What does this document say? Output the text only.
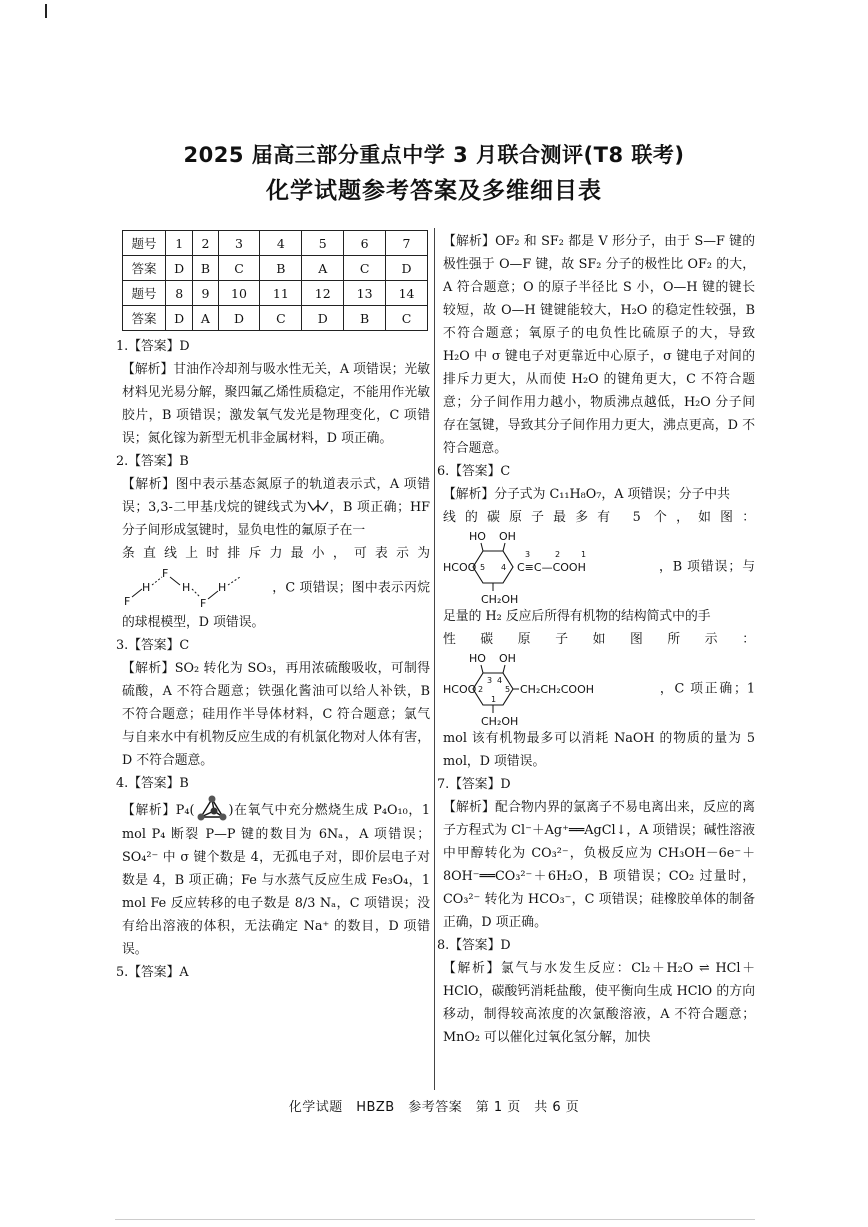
2025 届高三部分重点中学 3 月联合测评(T8 联考)
化学试题参考答案及多维细目表
题号	1	2	3	4	5	6	7
答案	D	B	C	B	A	C	D
题号	8	9	10	11	12	13	14
答案	D	A	D	C	D	B	C
1.【答案】D
【解析】甘油作冷却剂与吸水性无关，A 项错误；光敏材料见光易分解，聚四氟乙烯性质稳定，不能用作光敏胶片，B 项错误；激发氧气发光是物理变化，C 项错误；氮化镓为新型无机非金属材料，D 项正确。
2.【答案】B
【解析】图中表示基态氮原子的轨道表示式，A 项错误；3,3-二甲基戊烷的键线式为 ，B 项正确；HF 分子间形成氢键时，显负电性的氟原子在一
条直线上时排斥力最小，可表示为
F
H
F
H
F
H	，C 项错误；图中表示丙烷的球棍模型，D 项错误。
3.【答案】C
【解析】SO₂ 转化为 SO₃，再用浓硫酸吸收，可制得硫酸，A 不符合题意；铁强化酱油可以给人补铁，B 不符合题意；硅用作半导体材料，C 符合题意；氯气与自来水中有机物反应生成的有机氯化物对人体有害，D 不符合题意。
4.【答案】B
【解析】P₄(	)在氧气中充分燃烧生成 P₄O₁₀，1 mol P₄ 断裂 P—P 键的数目为 6Nₐ，A 项错误；SO₄²⁻ 中 σ 键个数是 4，无孤电子对，即价层电子对数是 4，B 项正确；Fe 与水蒸气反应生成 Fe₃O₄，1 mol Fe 反应转移的电子数是 8/3 Nₐ，C 项错误；没有给出溶液的体积，无法确定 Na⁺ 的数目，D 项错误。
5.【答案】A
【解析】OF₂ 和 SF₂ 都是 V 形分子，由于 S—F 键的极性强于 O—F 键，故 SF₂ 分子的极性比 OF₂ 的大，A 符合题意；O 的原子半径比 S 小，O—H 键的键长较短，故 O—H 键键能较大，H₂O 的稳定性较强，B 不符合题意；氧原子的电负性比硫原子的大，导致 H₂O 中 σ 键电子对更靠近中心原子，σ 键电子对间的排斥力更大，从而使 H₂O 的键角更大，C 不符合题意；分子间作用力越小，物质沸点越低，H₂O 分子间存在氢键，导致其分子间作用力更大，沸点更高，D 不符合题意。
6.【答案】C
【解析】分子式为 C₁₁H₈O₇，A 项错误；分子中共
线的碳原子最多有 5 个，如图：
HO OH
HCOO 5 4
3	2	1
C≡C—COOH
CH₂OH
，B 项错误；与足量的 H₂ 反应后所得有机物的结构简式中的手
性碳原子如图所示：
HO OH
HCOO 2
3 4
5
1
CH₂CH₂COOH
CH₂OH
，C 项正确；1 mol 该有机物最多可以消耗 NaOH 的物质的量为 5 mol，D 项错误。
7.【答案】D
【解析】配合物内界的氯离子不易电离出来，反应的离子方程式为 Cl⁻＋Ag⁺══AgCl↓，A 项错误；碱性溶液中甲醇转化为 CO₃²⁻，负极反应为 CH₃OH－6e⁻＋8OH⁻══CO₃²⁻＋6H₂O，B 项错误；CO₂ 过量时，CO₃²⁻ 转化为 HCO₃⁻，C 项错误；硅橡胶单体的制备正确，D 项正确。
8.【答案】D
【解析】氯气与水发生反应：Cl₂＋H₂O ⇌ HCl＋HClO，碳酸钙消耗盐酸，使平衡向生成 HClO 的方向移动，制得较高浓度的次氯酸溶液，A 不符合题意；MnO₂ 可以催化过氧化氢分解，加快
化学试题　HBZB　参考答案　第 1 页　共 6 页
